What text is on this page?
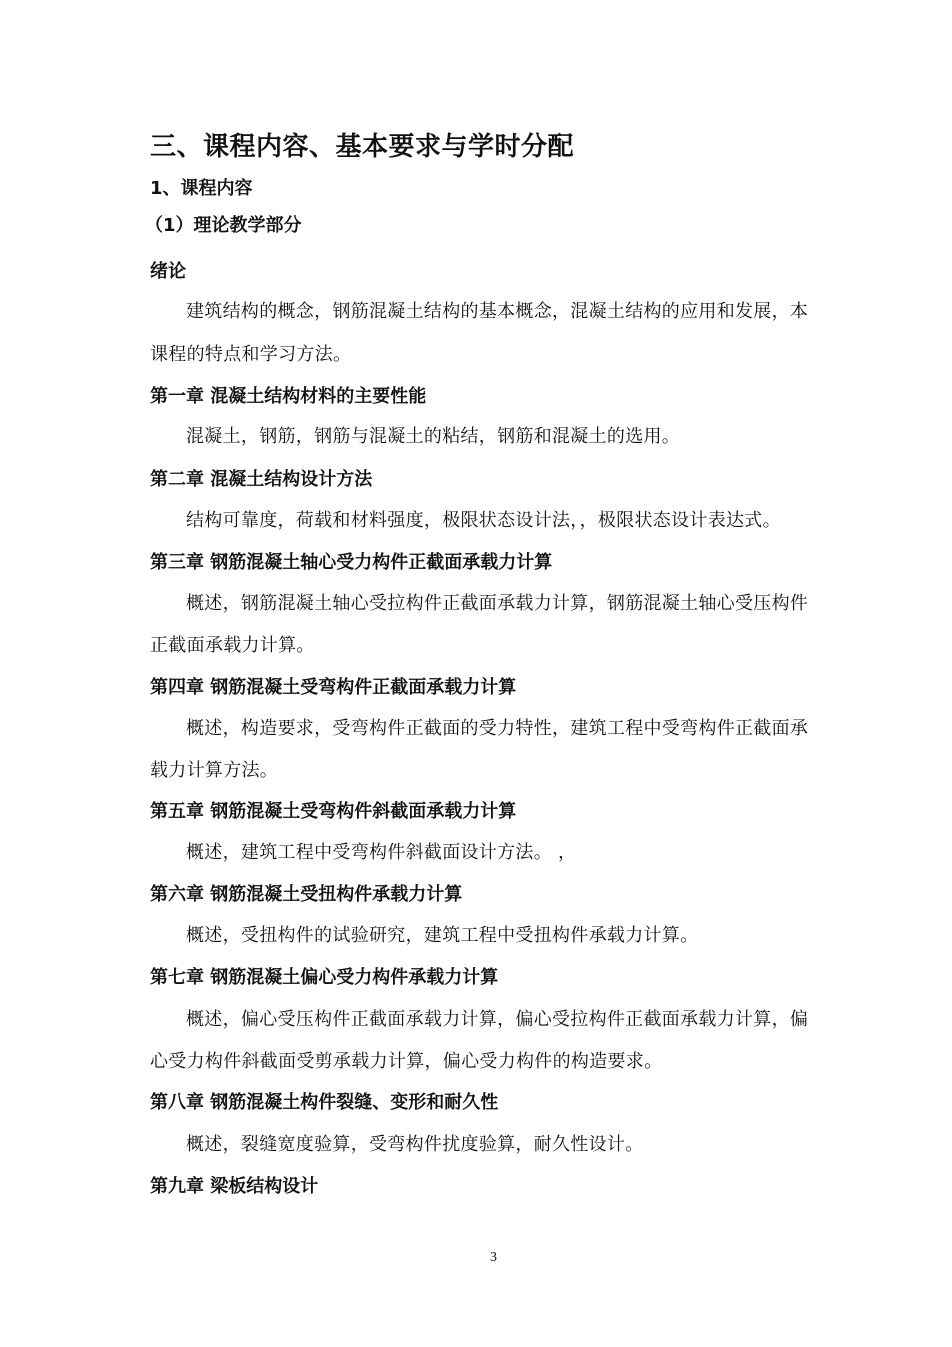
三、课程内容、基本要求与学时分配
1、课程内容
（1）理论教学部分
绪论
建筑结构的概念，钢筋混凝土结构的基本概念，混凝土结构的应用和发展，本
课程的特点和学习方法。
第一章 混凝土结构材料的主要性能
混凝土，钢筋，钢筋与混凝土的粘结，钢筋和混凝土的选用。
第二章 混凝土结构设计方法
结构可靠度，荷载和材料强度，极限状态设计法，，极限状态设计表达式。
第三章 钢筋混凝土轴心受力构件正截面承载力计算
概述，钢筋混凝土轴心受拉构件正截面承载力计算，钢筋混凝土轴心受压构件
正截面承载力计算。
第四章 钢筋混凝土受弯构件正截面承载力计算
概述，构造要求，受弯构件正截面的受力特性，建筑工程中受弯构件正截面承
载力计算方法。
第五章 钢筋混凝土受弯构件斜截面承载力计算
概述，建筑工程中受弯构件斜截面设计方法。 ，
第六章 钢筋混凝土受扭构件承载力计算
概述，受扭构件的试验研究，建筑工程中受扭构件承载力计算。
第七章 钢筋混凝土偏心受力构件承载力计算
概述，偏心受压构件正截面承载力计算，偏心受拉构件正截面承载力计算，偏
心受力构件斜截面受剪承载力计算，偏心受力构件的构造要求。
第八章 钢筋混凝土构件裂缝、变形和耐久性
概述，裂缝宽度验算，受弯构件扰度验算，耐久性设计。
第九章 梁板结构设计
3
